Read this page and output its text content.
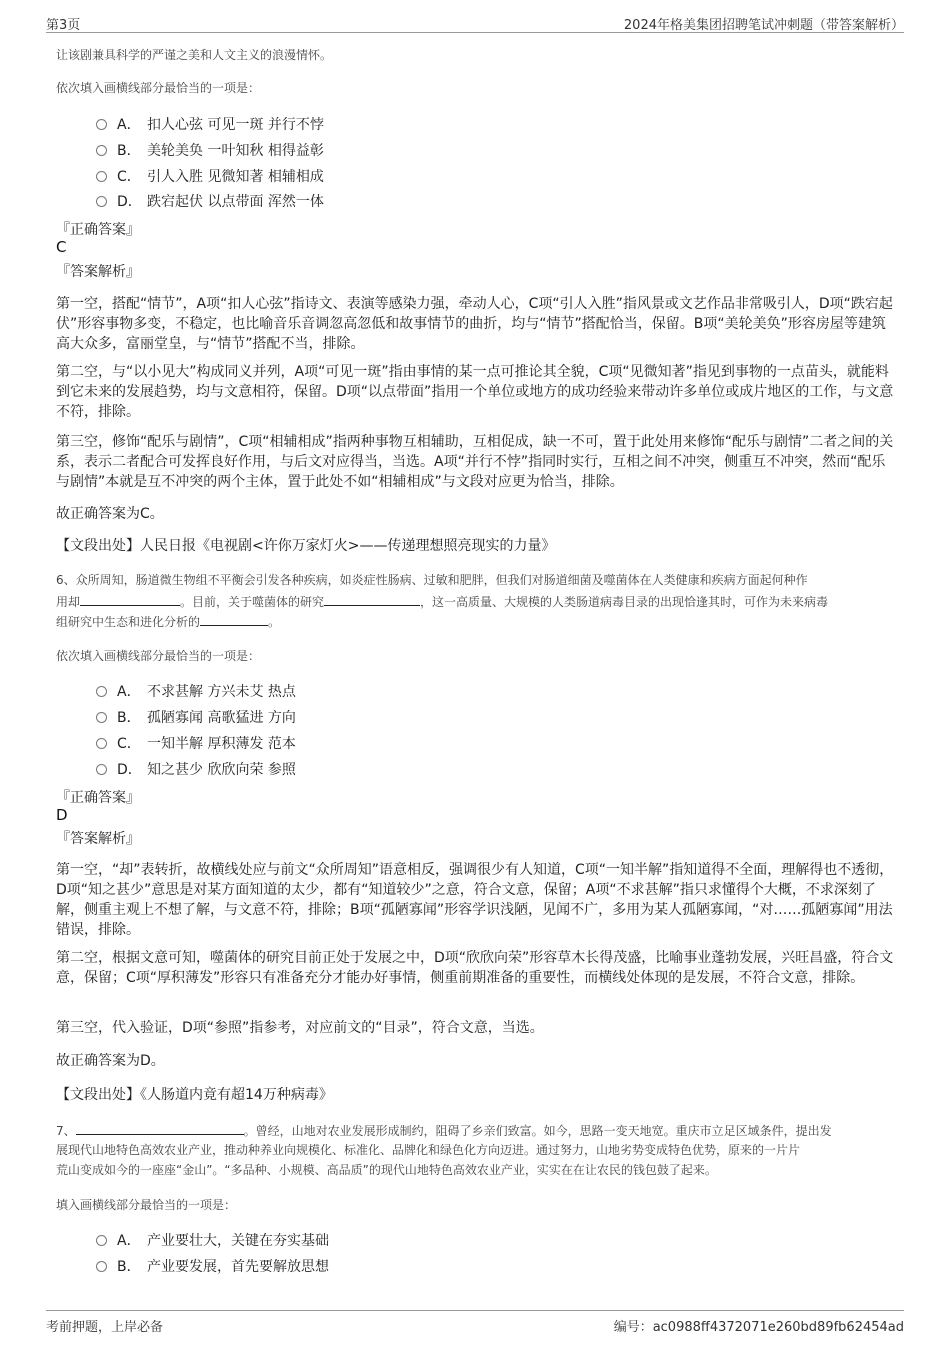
第3页	2024年格美集团招聘笔试冲刺题（带答案解析）
让该剧兼具科学的严谨之美和人文主义的浪漫情怀。
依次填入画横线部分最恰当的一项是：
A． 扣人心弦 可见一斑 并行不悖
B． 美轮美奂 一叶知秋 相得益彰
C． 引人入胜 见微知著 相辅相成
D． 跌宕起伏 以点带面 浑然一体
『正确答案』
C
『答案解析』
第一空，搭配“情节”，A项“扣人心弦”指诗文、表演等感染力强，牵动人心，C项“引人入胜”指风景或文艺作品非常吸引人，D项“跌宕起伏”形容事物多变，不稳定，也比喻音乐音调忽高忽低和故事情节的曲折，均与“情节”搭配恰当，保留。B项“美轮美奂”形容房屋等建筑高大众多，富丽堂皇，与“情节”搭配不当，排除。
第二空，与“以小见大”构成同义并列，A项“可见一斑”指由事情的某一点可推论其全貌，C项“见微知著”指见到事物的一点苗头，就能料到它未来的发展趋势，均与文意相符，保留。D项“以点带面”指用一个单位或地方的成功经验来带动许多单位或成片地区的工作，与文意不符，排除。
第三空，修饰“配乐与剧情”，C项“相辅相成”指两种事物互相辅助，互相促成，缺一不可，置于此处用来修饰“配乐与剧情”二者之间的关系，表示二者配合可发挥良好作用，与后文对应得当，当选。A项“并行不悖”指同时实行，互相之间不冲突，侧重互不冲突，然而“配乐与剧情”本就是互不冲突的两个主体，置于此处不如“相辅相成”与文段对应更为恰当，排除。
故正确答案为C。
【文段出处】人民日报《电视剧<许你万家灯火>——传递理想照亮现实的力量》
6、众所周知，肠道微生物组不平衡会引发各种疾病，如炎症性肠病、过敏和肥胖，但我们对肠道细菌及噬菌体在人类健康和疾病方面起何种作
用却	。目前，关于噬菌体的研究	，这一高质量、大规模的人类肠道病毒目录的出现恰逢其时，可作为未来病毒
组研究中生态和进化分析的	。
依次填入画横线部分最恰当的一项是：
A． 不求甚解 方兴未艾 热点
B． 孤陋寡闻 高歌猛进 方向
C． 一知半解 厚积薄发 范本
D． 知之甚少 欣欣向荣 参照
『正确答案』
D
『答案解析』
第一空，“却”表转折，故横线处应与前文“众所周知”语意相反，强调很少有人知道，C项“一知半解”指知道得不全面，理解得也不透彻，D项“知之甚少”意思是对某方面知道的太少，都有“知道较少”之意，符合文意，保留；A项“不求甚解”指只求懂得个大概，不求深刻了解，侧重主观上不想了解，与文意不符，排除；B项“孤陋寡闻”形容学识浅陋，见闻不广，多用为某人孤陋寡闻，“对……孤陋寡闻”用法错误，排除。
第二空，根据文意可知，噬菌体的研究目前正处于发展之中，D项“欣欣向荣”形容草木长得茂盛，比喻事业蓬勃发展，兴旺昌盛，符合文意，保留；C项“厚积薄发”形容只有准备充分才能办好事情，侧重前期准备的重要性，而横线处体现的是发展，不符合文意，排除。
第三空，代入验证，D项“参照”指参考，对应前文的“目录”，符合文意，当选。
故正确答案为D。
【文段出处】《人肠道内竟有超14万种病毒》
7、	。曾经，山地对农业发展形成制约，阻碍了乡亲们致富。如今，思路一变天地宽。重庆市立足区域条件，提出发
展现代山地特色高效农业产业，推动种养业向规模化、标准化、品牌化和绿色化方向迈进。通过努力，山地劣势变成特色优势，原来的一片片
荒山变成如今的一座座“金山”。“多品种、小规模、高品质”的现代山地特色高效农业产业，实实在在让农民的钱包鼓了起来。
填入画横线部分最恰当的一项是：
A． 产业要壮大，关键在夯实基础
B． 产业要发展，首先要解放思想
考前押题，上岸必备	编号：ac0988ff4372071e260bd89fb62454ad
